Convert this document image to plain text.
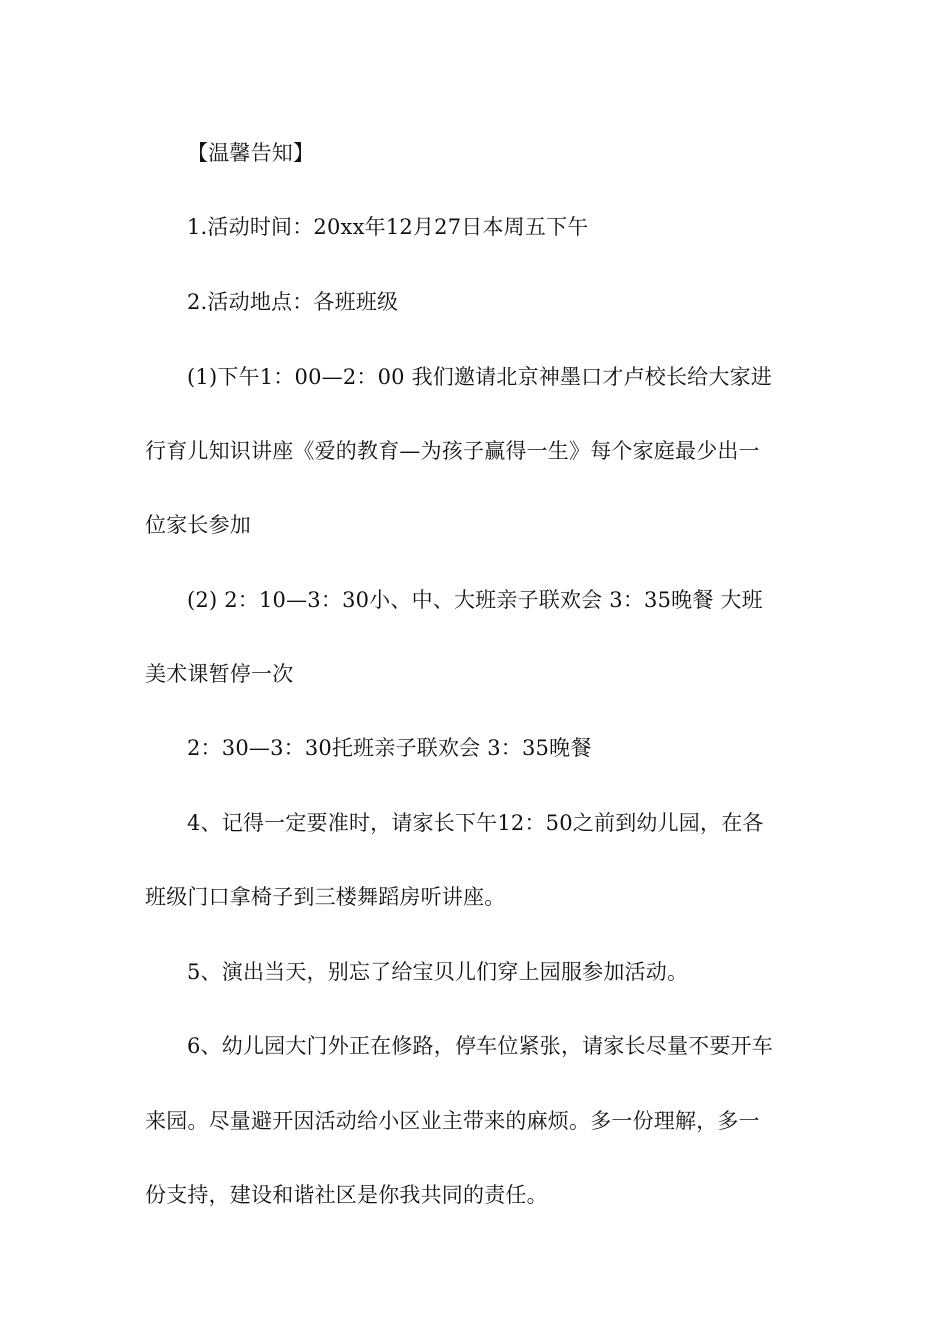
【温馨告知】
1.活动时间：20xx年12月27日本周五下午
2.活动地点：各班班级
(1)下午1：00—2：00 我们邀请北京神墨口才卢校长给大家进
行育儿知识讲座《爱的教育—为孩子赢得一生》每个家庭最少出一
位家长参加
(2) 2：10—3：30小、中、大班亲子联欢会 3：35晚餐 大班
美术课暂停一次
2：30—3：30托班亲子联欢会 3：35晚餐
4、记得一定要准时，请家长下午12：50之前到幼儿园，在各
班级门口拿椅子到三楼舞蹈房听讲座。
5、演出当天，别忘了给宝贝儿们穿上园服参加活动。
6、幼儿园大门外正在修路，停车位紧张，请家长尽量不要开车
来园。尽量避开因活动给小区业主带来的麻烦。多一份理解，多一
份支持，建设和谐社区是你我共同的责任。
